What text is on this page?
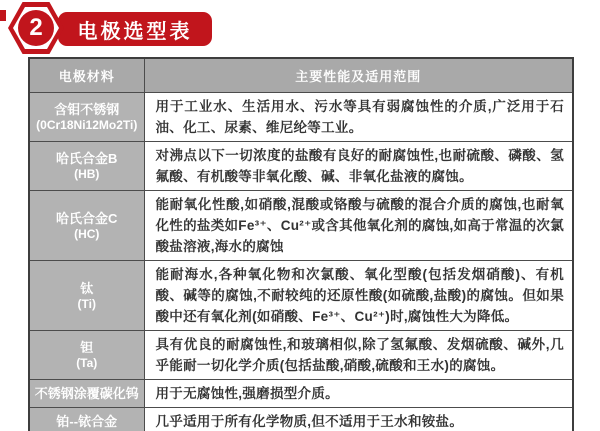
2 电极选型表
电极材料	主要性能及适用范围

含钼不锈钢
(0Cr18Ni12Mo2Ti)	用于工业水、生活用水、污水等具有弱腐蚀性的介质,广泛用于石油、化工、尿素、维尼纶等工业。

哈氏合金B
(HB)	对沸点以下一切浓度的盐酸有良好的耐腐蚀性,也耐硫酸、磷酸、氢氟酸、有机酸等非氧化酸、碱、非氧化盐液的腐蚀。

哈氏合金C
(HC)	能耐氧化性酸,如硝酸,混酸或铬酸与硫酸的混合介质的腐蚀,也耐氧化性的盐类如Fe³⁺、Cu²⁺或含其他氧化剂的腐蚀,如高于常温的次氯酸盐溶液,海水的腐蚀

钛
(Ti)	能耐海水,各种氧化物和次氯酸、氧化型酸(包括发烟硝酸)、有机酸、碱等的腐蚀,不耐较纯的还原性酸(如硫酸,盐酸)的腐蚀。但如果酸中还有氧化剂(如硝酸、Fe³⁺、Cu²⁺)时,腐蚀性大为降低。

钽
(Ta)	具有优良的耐腐蚀性,和玻璃相似,除了氢氟酸、发烟硫酸、碱外,几乎能耐一切化学介质(包括盐酸,硝酸,硫酸和王水)的腐蚀。

不锈钢涂覆碳化钨	用于无腐蚀性,强磨损型介质。

铂--铱合金	几乎适用于所有化学物质,但不适用于王水和铵盐。
